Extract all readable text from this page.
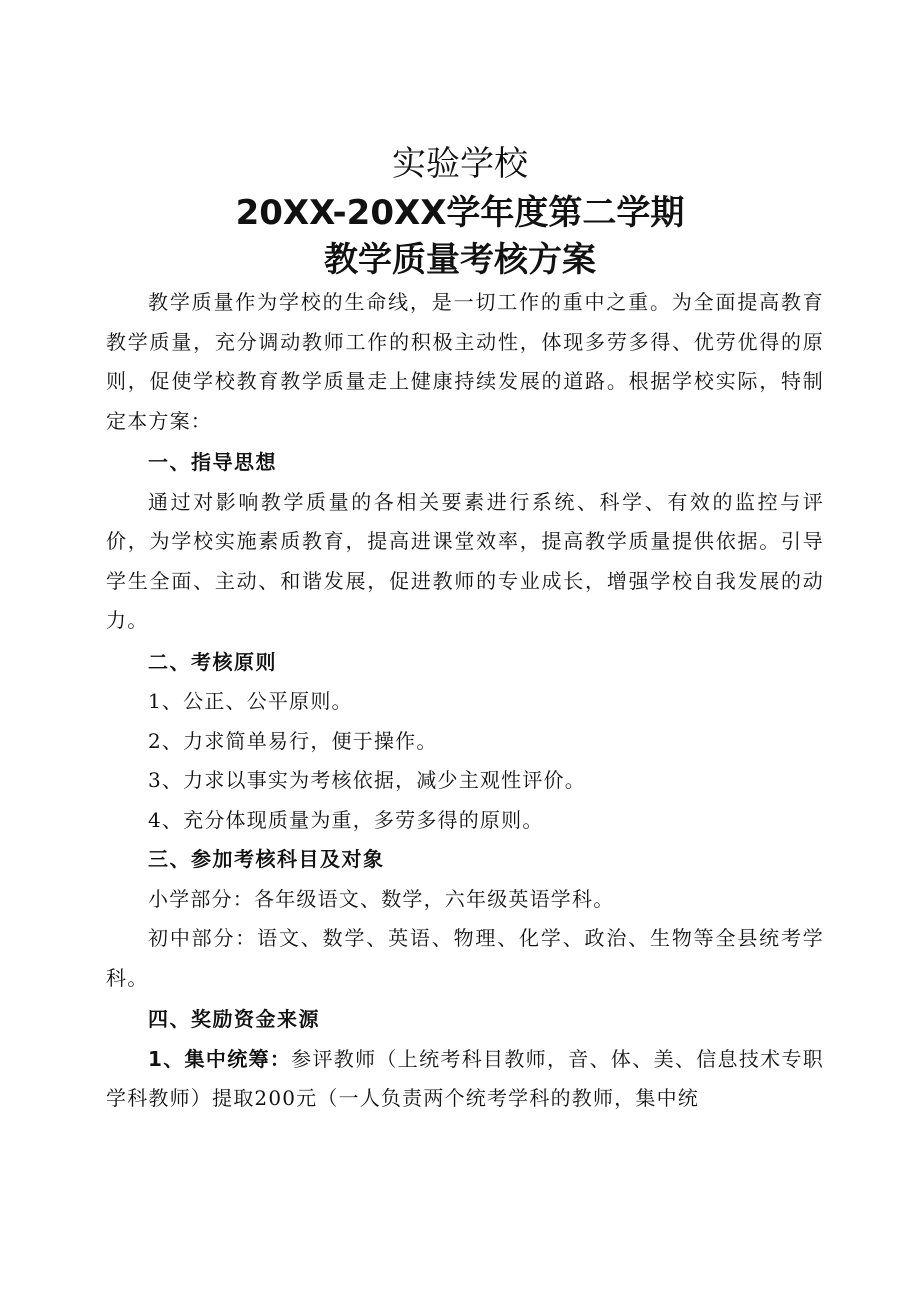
实验学校
20XX-20XX学年度第二学期
教学质量考核方案

教学质量作为学校的生命线，是一切工作的重中之重。为全面提高教育教学质量，充分调动教师工作的积极主动性，体现多劳多得、优劳优得的原则，促使学校教育教学质量走上健康持续发展的道路。根据学校实际，特制定本方案：

一、指导思想

通过对影响教学质量的各相关要素进行系统、科学、有效的监控与评价，为学校实施素质教育，提高进课堂效率，提高教学质量提供依据。引导学生全面、主动、和谐发展，促进教师的专业成长，增强学校自我发展的动力。

二、考核原则

1、公正、公平原则。

2、力求简单易行，便于操作。

3、力求以事实为考核依据，减少主观性评价。

4、充分体现质量为重，多劳多得的原则。

三、参加考核科目及对象

小学部分：各年级语文、数学，六年级英语学科。

初中部分：语文、数学、英语、物理、化学、政治、生物等全县统考学科。

四、奖励资金来源

1、集中统筹：参评教师（上统考科目教师，音、体、美、信息技术专职学科教师）提取200元（一人负责两个统考学科的教师，集中统
